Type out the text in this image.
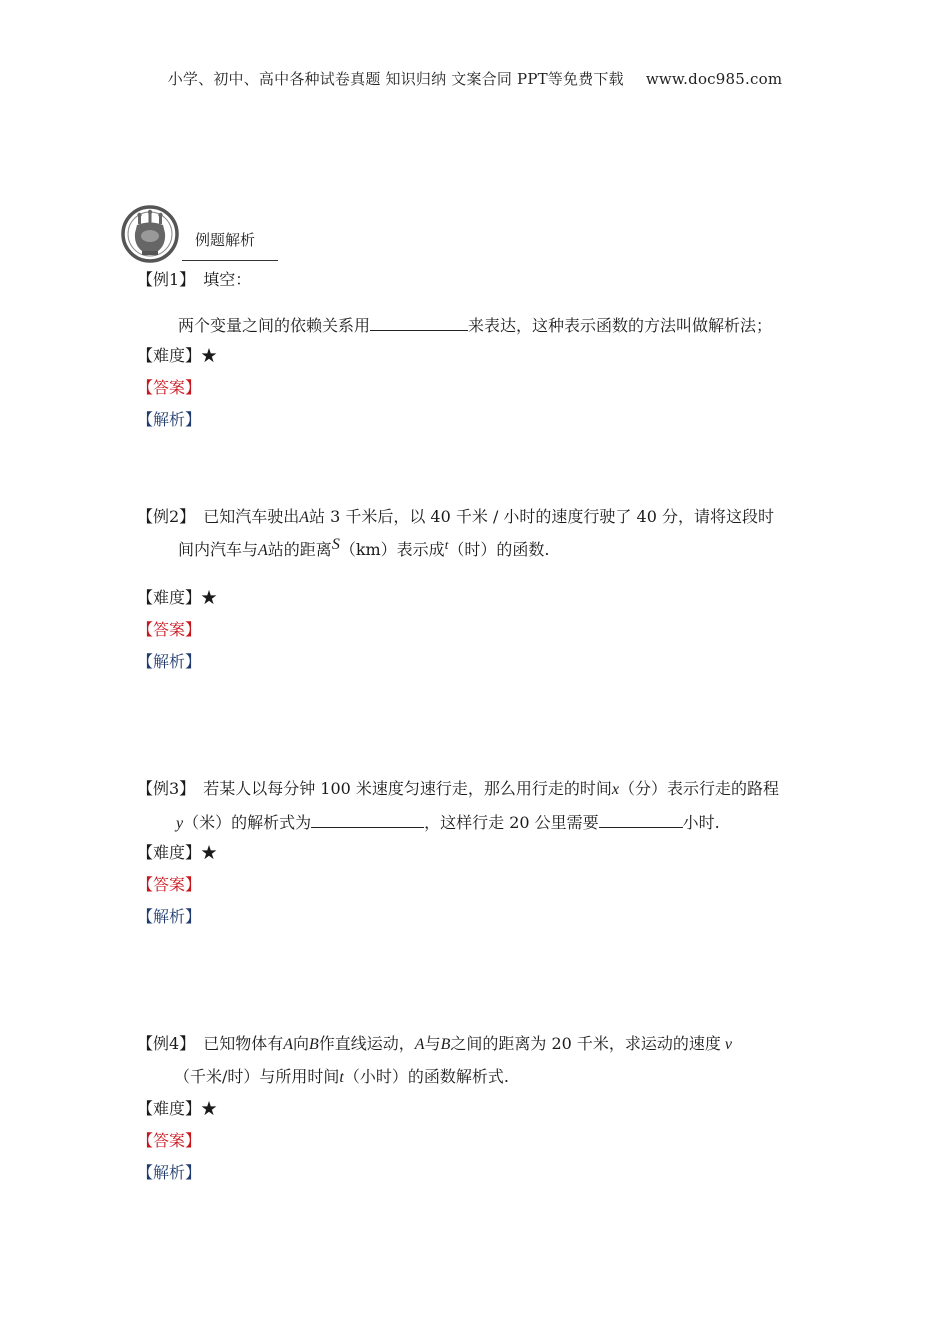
小学、初中、高中各种试卷真题 知识归纳 文案合同 PPT等免费下载 www.doc985.com
例题解析
【例1】 填空：
两个变量之间的依赖关系用	来表达，这种表示函数的方法叫做解析法；
【难度】★
【答案】
【解析】
【例2】 已知汽车驶出A站 3 千米后，以 40 千米 / 小时的速度行驶了 40 分，请将这段时
间内汽车与A站的距离S（km）表示成$^t$（时）的函数.
【难度】★
【答案】
【解析】
【例3】 若某人以每分钟 100 米速度匀速行走，那么用行走的时间x（分）表示行走的路程
y（米）的解析式为	，这样行走 20 公里需要	小时.
【难度】★
【答案】
【解析】
【例4】 已知物体有A向B作直线运动，A与B之间的距离为 20 千米，求运动的速度 v
（千米/时）与所用时间t（小时）的函数解析式.
【难度】★
【答案】
【解析】
